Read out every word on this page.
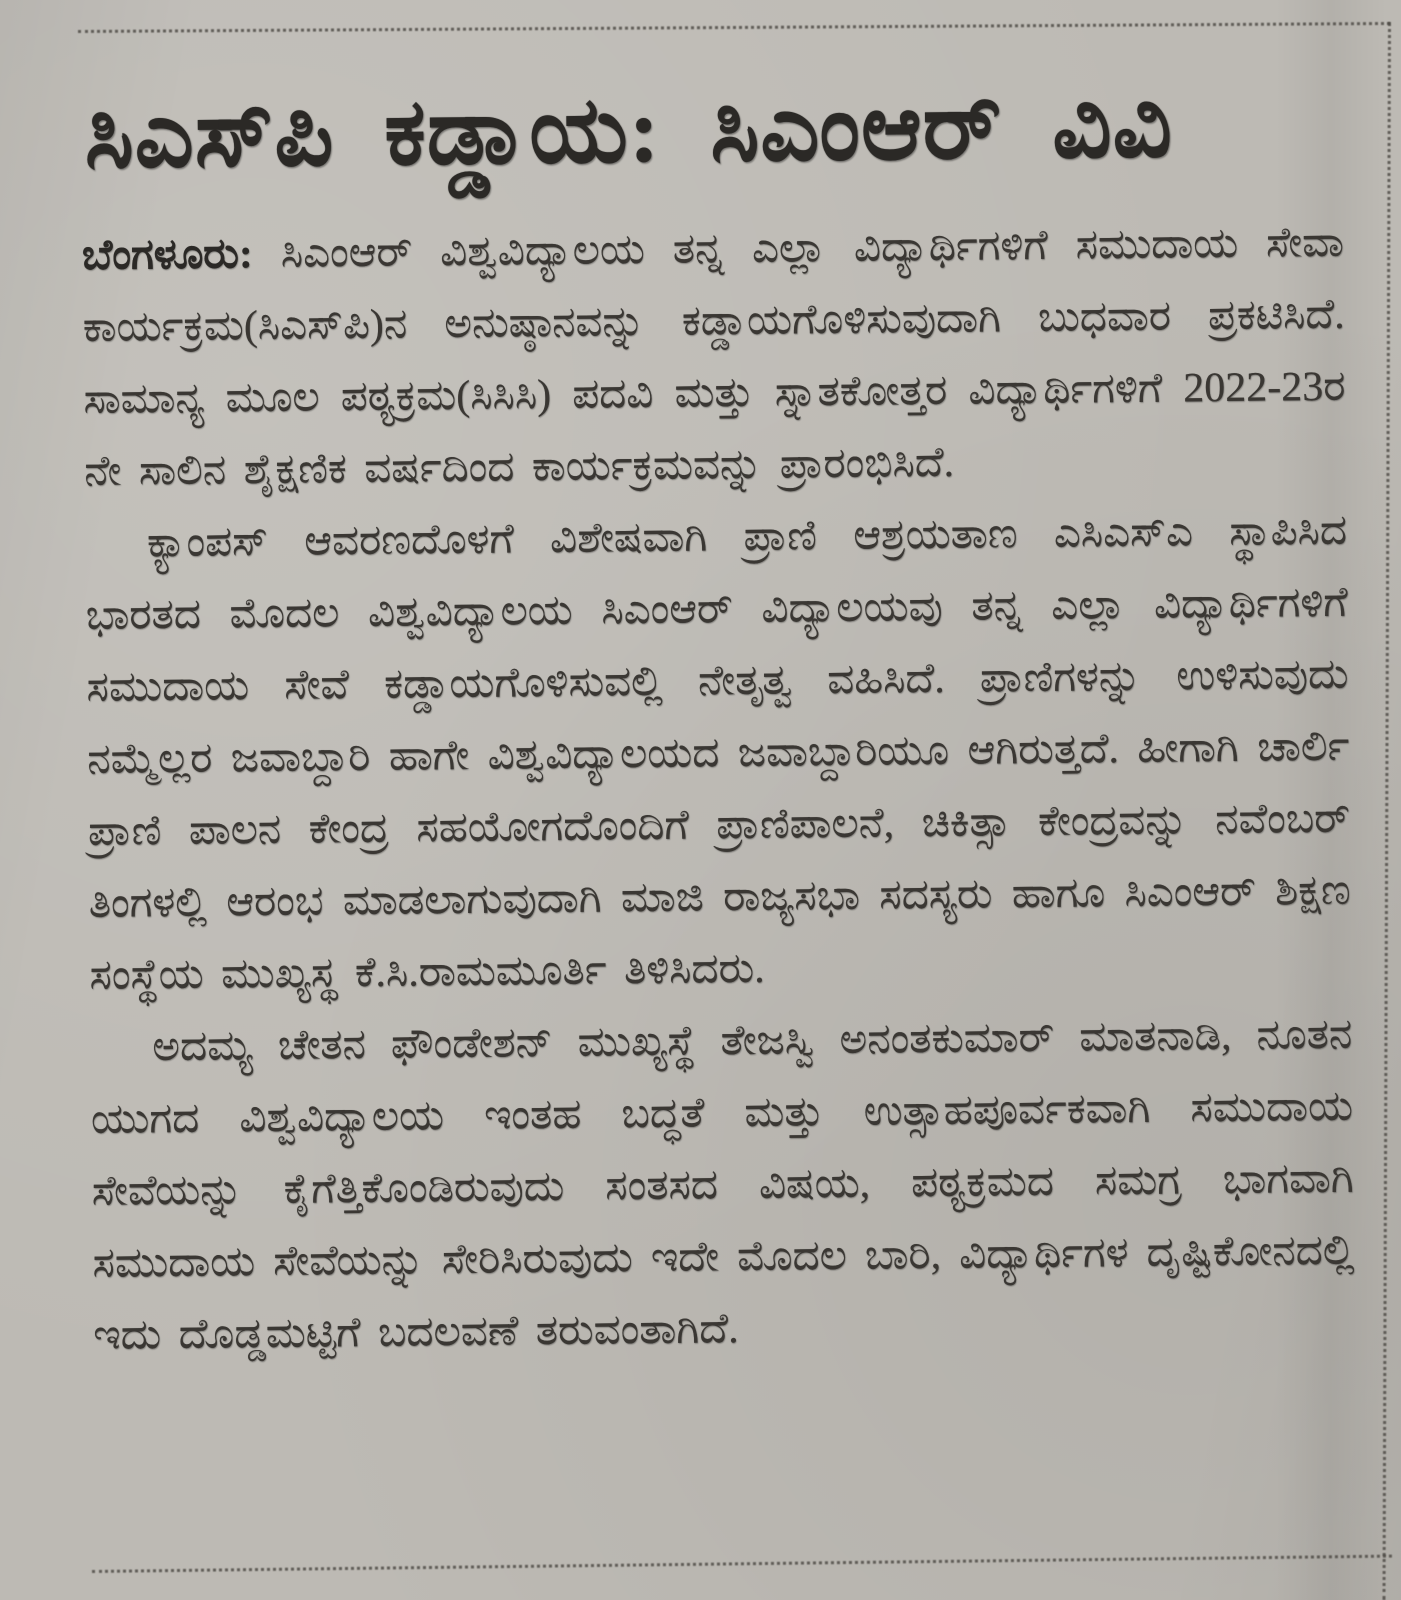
ಸಿಎಸ್‌ಪಿ ಕಡ್ಡಾಯ: ಸಿಎಂಆರ್ ವಿವಿ

ಬೆಂಗಳೂರು: ಸಿಎಂಆರ್ ವಿಶ್ವವಿದ್ಯಾಲಯ ತನ್ನ ಎಲ್ಲಾ ವಿದ್ಯಾರ್ಥಿಗಳಿಗೆ ಸಮುದಾಯ ಸೇವಾ ಕಾರ್ಯಕ್ರಮ(ಸಿಎಸ್‌ಪಿ)ನ ಅನುಷ್ಠಾನವನ್ನು ಕಡ್ಡಾಯಗೊಳಿಸುವುದಾಗಿ ಬುಧವಾರ ಪ್ರಕಟಿಸಿದೆ. ಸಾಮಾನ್ಯ ಮೂಲ ಪಠ್ಯಕ್ರಮ(ಸಿಸಿಸಿ) ಪದವಿ ಮತ್ತು ಸ್ನಾತಕೋತ್ತರ ವಿದ್ಯಾರ್ಥಿಗಳಿಗೆ 2022-23ರ ನೇ ಸಾಲಿನ ಶೈಕ್ಷಣಿಕ ವರ್ಷದಿಂದ ಕಾರ್ಯಕ್ರಮವನ್ನು ಪ್ರಾರಂಭಿಸಿದೆ.

ಕ್ಯಾಂಪಸ್ ಆವರಣದೊಳಗೆ ವಿಶೇಷವಾಗಿ ಪ್ರಾಣಿ ಆಶ್ರಯತಾಣ ಎಸಿಎಸ್‌ಎ ಸ್ಥಾಪಿಸಿದ ಭಾರತದ ಮೊದಲ ವಿಶ್ವವಿದ್ಯಾಲಯ ಸಿಎಂಆರ್ ವಿದ್ಯಾಲಯವು ತನ್ನ ಎಲ್ಲಾ ವಿದ್ಯಾರ್ಥಿಗಳಿಗೆ ಸಮುದಾಯ ಸೇವೆ ಕಡ್ಡಾಯಗೊಳಿಸುವಲ್ಲಿ ನೇತೃತ್ವ ವಹಿಸಿದೆ. ಪ್ರಾಣಿಗಳನ್ನು ಉಳಿಸುವುದು ನಮ್ಮೆಲ್ಲರ ಜವಾಬ್ದಾರಿ ಹಾಗೇ ವಿಶ್ವವಿದ್ಯಾಲಯದ ಜವಾಬ್ದಾರಿಯೂ ಆಗಿರುತ್ತದೆ. ಹೀಗಾಗಿ ಚಾರ್ಲಿ ಪ್ರಾಣಿ ಪಾಲನ ಕೇಂದ್ರ ಸಹಯೋಗದೊಂದಿಗೆ ಪ್ರಾಣಿಪಾಲನೆ, ಚಿಕಿತ್ಸಾ ಕೇಂದ್ರವನ್ನು ನವೆಂಬರ್ ತಿಂಗಳಲ್ಲಿ ಆರಂಭ ಮಾಡಲಾಗುವುದಾಗಿ ಮಾಜಿ ರಾಜ್ಯಸಭಾ ಸದಸ್ಯರು ಹಾಗೂ ಸಿಎಂಆರ್ ಶಿಕ್ಷಣ ಸಂಸ್ಥೆಯ ಮುಖ್ಯಸ್ಥ ಕೆ.ಸಿ.ರಾಮಮೂರ್ತಿ ತಿಳಿಸಿದರು.

ಅದಮ್ಯ ಚೇತನ ಫೌಂಡೇಶನ್ ಮುಖ್ಯಸ್ಥೆ ತೇಜಸ್ವಿ ಅನಂತಕುಮಾರ್ ಮಾತನಾಡಿ, ನೂತನ ಯುಗದ ವಿಶ್ವವಿದ್ಯಾಲಯ ಇಂತಹ ಬದ್ಧತೆ ಮತ್ತು ಉತ್ಸಾಹಪೂರ್ವಕವಾಗಿ ಸಮುದಾಯ ಸೇವೆಯನ್ನು ಕೈಗೆತ್ತಿಕೊಂಡಿರುವುದು ಸಂತಸದ ವಿಷಯ, ಪಠ್ಯಕ್ರಮದ ಸಮಗ್ರ ಭಾಗವಾಗಿ ಸಮುದಾಯ ಸೇವೆಯನ್ನು ಸೇರಿಸಿರುವುದು ಇದೇ ಮೊದಲ ಬಾರಿ, ವಿದ್ಯಾರ್ಥಿಗಳ ದೃಷ್ಟಿಕೋನದಲ್ಲಿ ಇದು ದೊಡ್ಡಮಟ್ಟಿಗೆ ಬದಲವಣೆ ತರುವಂತಾಗಿದೆ.
